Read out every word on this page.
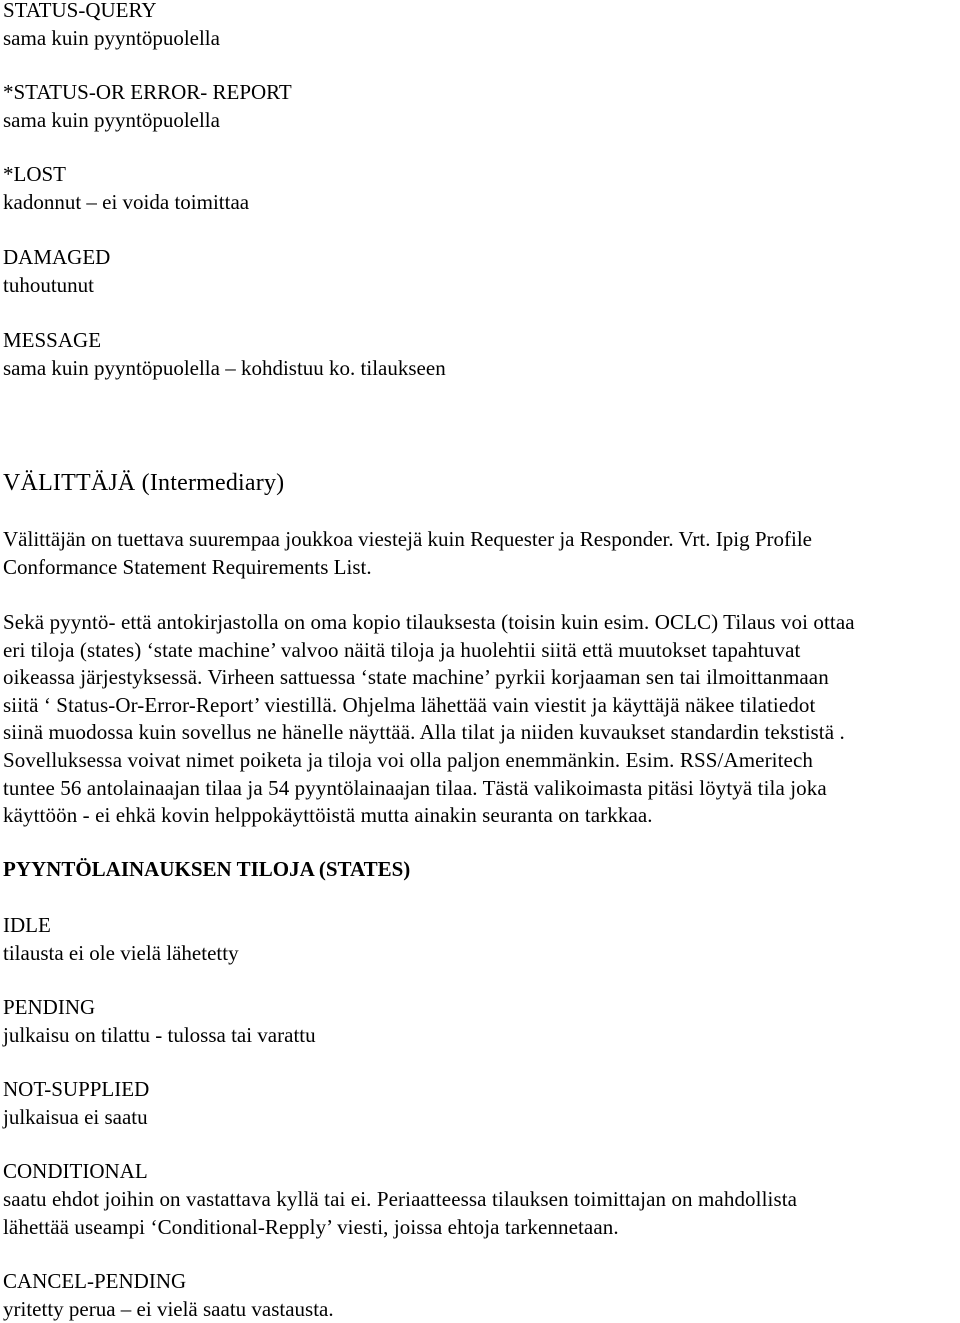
STATUS-QUERY
sama kuin pyyntöpuolella
*STATUS-OR ERROR- REPORT
sama kuin pyyntöpuolella
*LOST
kadonnut – ei voida toimittaa
DAMAGED
tuhoutunut
MESSAGE
sama kuin pyyntöpuolella – kohdistuu ko. tilaukseen
VÄLITTÄJÄ (Intermediary)
Välittäjän on tuettava suurempaa joukkoa viestejä kuin Requester ja Responder. Vrt. Ipig Profile
Conformance Statement Requirements List.
Sekä pyyntö- että antokirjastolla on oma kopio tilauksesta (toisin kuin esim. OCLC) Tilaus voi ottaa
eri tiloja (states) ‘state machine’ valvoo näitä tiloja ja huolehtii siitä että muutokset tapahtuvat
oikeassa järjestyksessä. Virheen sattuessa ‘state machine’ pyrkii korjaaman sen tai ilmoittanmaan
siitä ‘ Status-Or-Error-Report’ viestillä. Ohjelma lähettää vain viestit ja käyttäjä näkee tilatiedot
siinä muodossa kuin sovellus ne hänelle näyttää. Alla tilat ja niiden kuvaukset standardin tekstistä .
Sovelluksessa voivat nimet poiketa ja tiloja voi olla paljon enemmänkin. Esim. RSS/Ameritech
tuntee 56 antolainaajan tilaa ja 54 pyyntölainaajan tilaa. Tästä valikoimasta pitäsi löytyä tila joka
käyttöön - ei ehkä kovin helppokäyttöistä mutta ainakin seuranta on tarkkaa.
PYYNTÖLAINAUKSEN TILOJA (STATES)
IDLE
tilausta ei ole vielä lähetetty
PENDING
julkaisu on tilattu - tulossa tai varattu
NOT-SUPPLIED
julkaisua ei saatu
CONDITIONAL
saatu ehdot joihin on vastattava kyllä tai ei. Periaatteessa tilauksen toimittajan on mahdollista
lähettää useampi ‘Conditional-Repply’ viesti, joissa ehtoja tarkennetaan.
CANCEL-PENDING
yritetty perua – ei vielä saatu vastausta.
